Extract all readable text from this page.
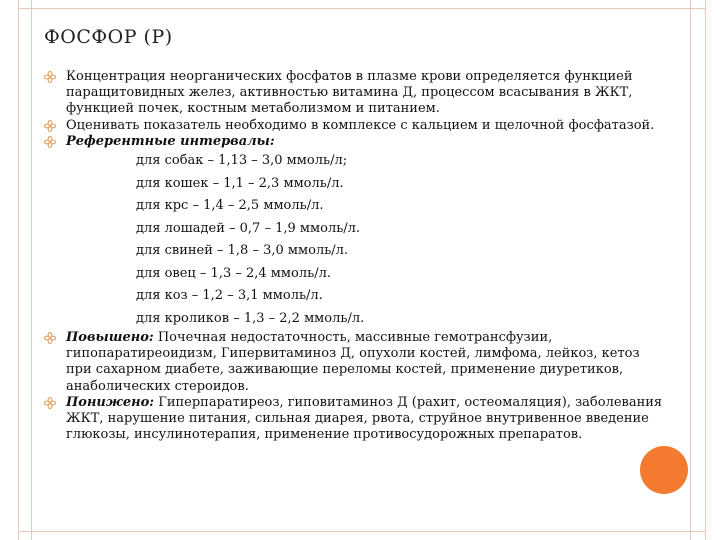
ФОСФОР (Р)
Концентрация неорганических фосфатов в плазме крови определяется функцией паращитовидных желез, активностью витамина Д, процессом всасывания в ЖКТ, функцией почек, костным метаболизмом и питанием.
Оценивать показатель необходимо в комплексе с кальцием и щелочной фосфатазой.
Референтные интервалы:
для собак – 1,13 – 3,0 ммоль/л;
для кошек – 1,1 – 2,3 ммоль/л.
для крс – 1,4 – 2,5 ммоль/л.
для лошадей – 0,7 – 1,9 ммоль/л.
для свиней – 1,8 – 3,0 ммоль/л.
для овец – 1,3 – 2,4 ммоль/л.
для коз – 1,2 – 3,1 ммоль/л.
для кроликов – 1,3 – 2,2 ммоль/л.
Повышено: Почечная недостаточность, массивные гемотрансфузии, гипопаратиреоидизм, Гипервитаминоз Д, опухоли костей, лимфома, лейкоз, кетоз при сахарном диабете, заживающие переломы костей, применение диуретиков, анаболических стероидов.
Понижено: Гиперпаратиреоз, гиповитаминоз Д (рахит, остеомаляция), заболевания ЖКТ, нарушение питания, сильная диарея, рвота, струйное внутривенное введение глюкозы, инсулинотерапия, применение противосудорожных препаратов.
